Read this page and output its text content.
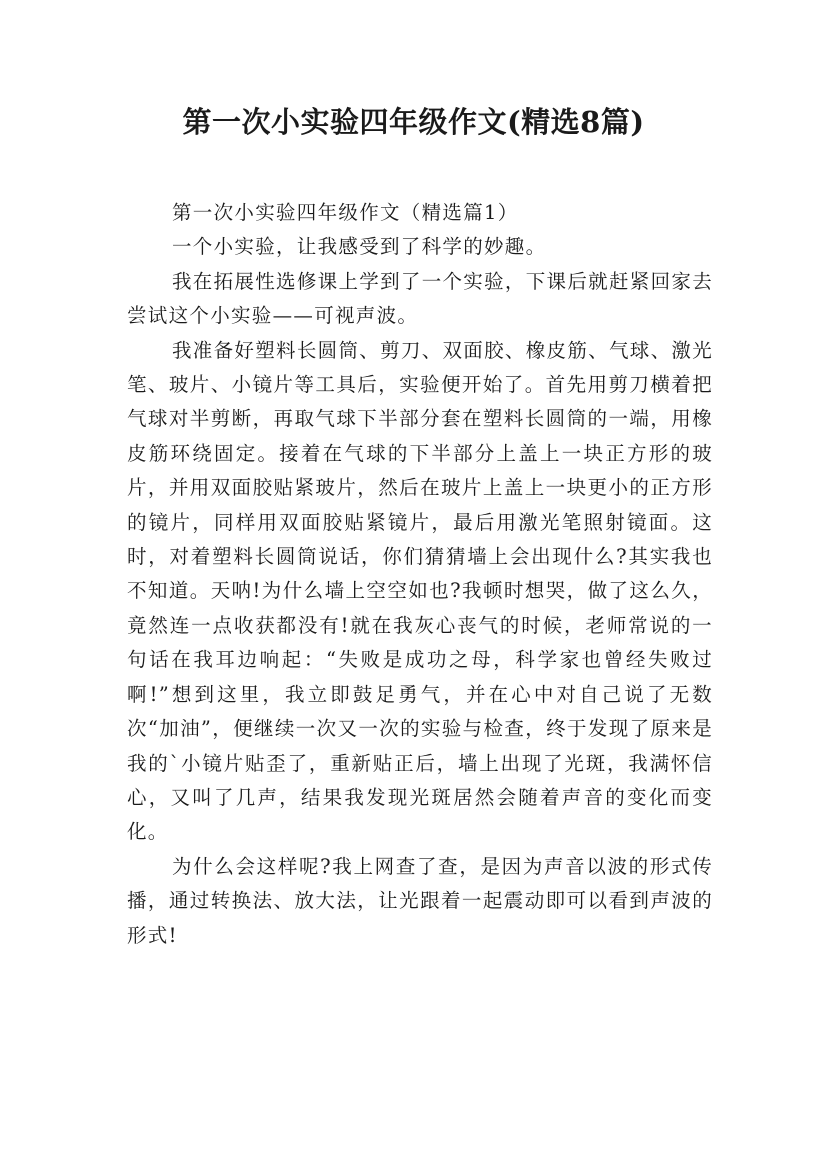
第一次小实验四年级作文(精选8篇)

第一次小实验四年级作文（精选篇1）

一个小实验，让我感受到了科学的妙趣。

我在拓展性选修课上学到了一个实验，下课后就赶紧回家去尝试这个小实验——可视声波。

我准备好塑料长圆筒、剪刀、双面胶、橡皮筋、气球、激光笔、玻片、小镜片等工具后，实验便开始了。首先用剪刀横着把气球对半剪断，再取气球下半部分套在塑料长圆筒的一端，用橡皮筋环绕固定。接着在气球的下半部分上盖上一块正方形的玻片，并用双面胶贴紧玻片，然后在玻片上盖上一块更小的正方形的镜片，同样用双面胶贴紧镜片，最后用激光笔照射镜面。这时，对着塑料长圆筒说话，你们猜猜墙上会出现什么?其实我也不知道。天呐!为什么墙上空空如也?我顿时想哭，做了这么久，竟然连一点收获都没有!就在我灰心丧气的时候，老师常说的一句话在我耳边响起：“失败是成功之母，科学家也曾经失败过啊!”想到这里，我立即鼓足勇气，并在心中对自己说了无数次“加油”，便继续一次又一次的实验与检查，终于发现了原来是我的`小镜片贴歪了，重新贴正后，墙上出现了光斑，我满怀信心，又叫了几声，结果我发现光斑居然会随着声音的变化而变化。

为什么会这样呢?我上网查了查，是因为声音以波的形式传播，通过转换法、放大法，让光跟着一起震动即可以看到声波的形式!
